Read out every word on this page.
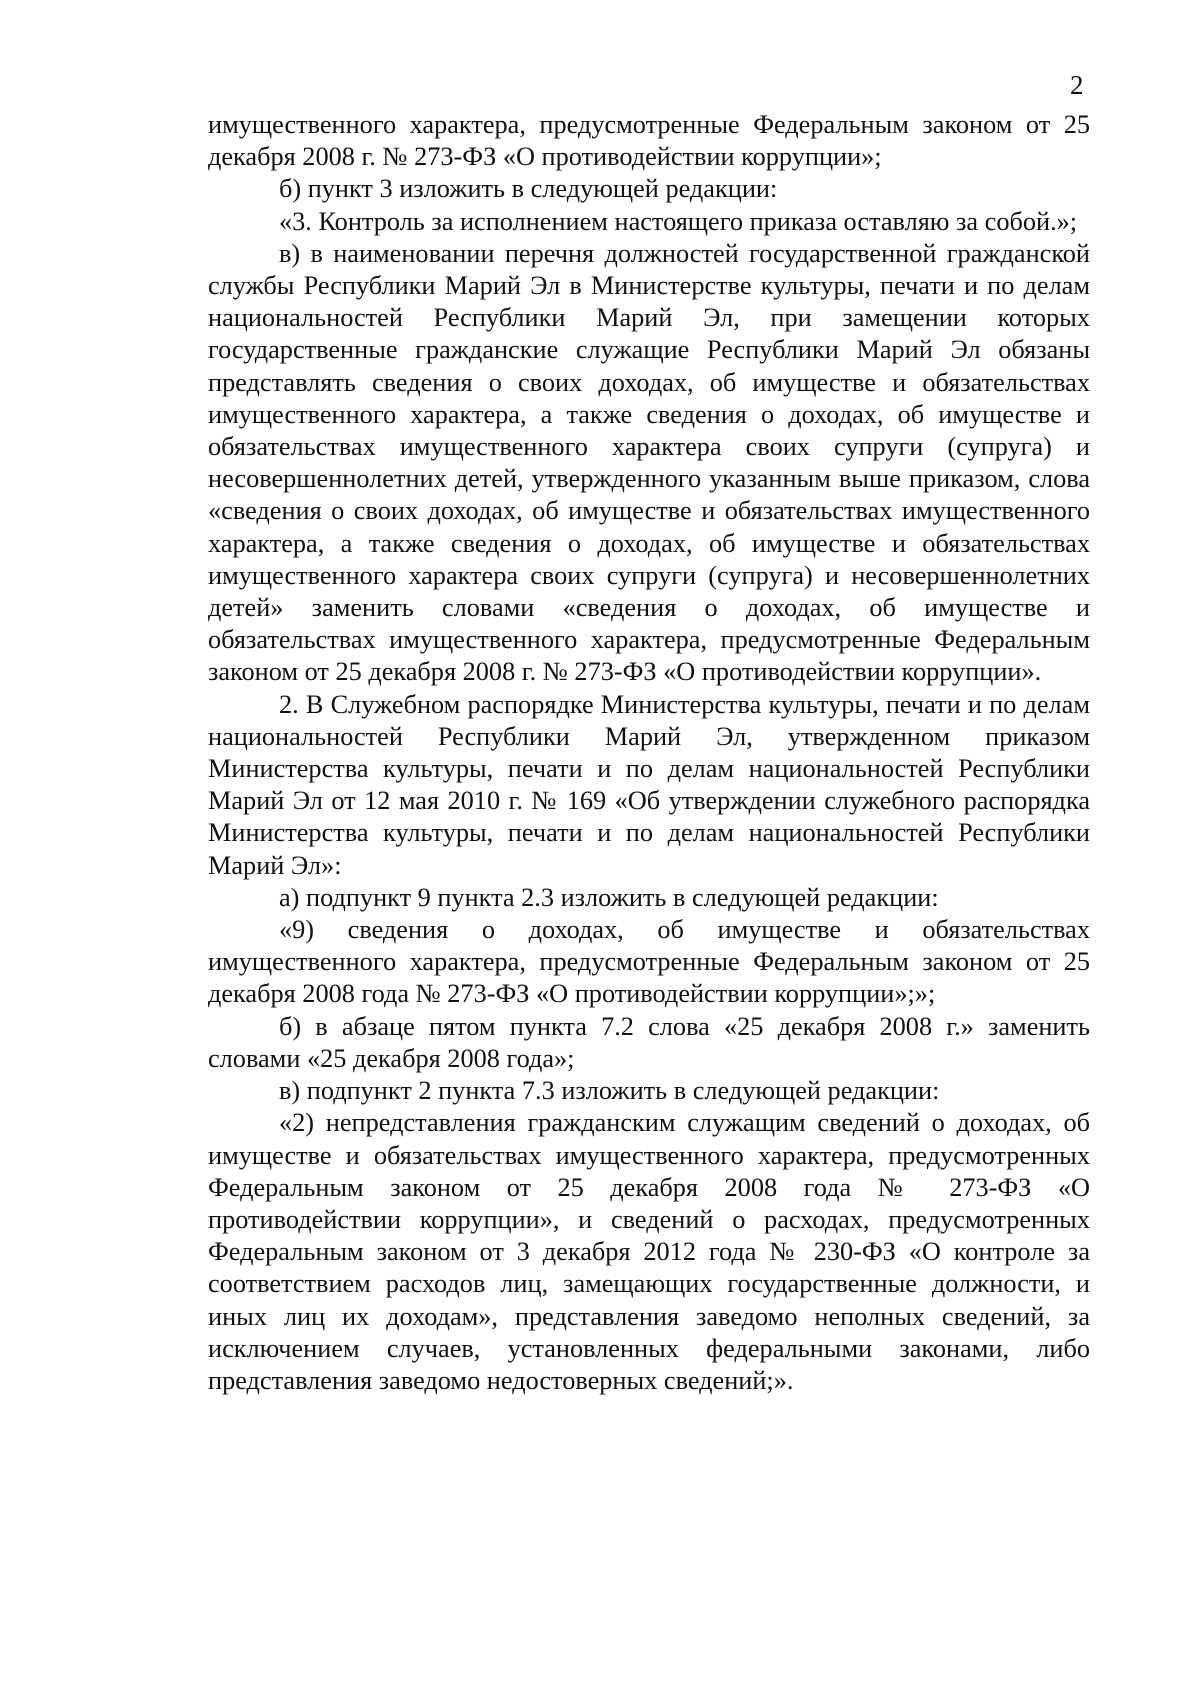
2

имущественного характера, предусмотренные Федеральным законом от 25 декабря 2008 г. № 273-ФЗ «О противодействии коррупции»;

б) пункт 3 изложить в следующей редакции:

«3. Контроль за исполнением настоящего приказа оставляю за собой.»;

в) в наименовании перечня должностей государственной гражданской службы Республики Марий Эл в Министерстве культуры, печати и по делам национальностей Республики Марий Эл, при замещении которых государственные гражданские служащие Республики Марий Эл обязаны представлять сведения о своих доходах, об имуществе и обязательствах имущественного характера, а также сведения о доходах, об имуществе и обязательствах имущественного характера своих супруги (супруга) и несовершеннолетних детей, утвержденного указанным выше приказом, слова «сведения о своих доходах, об имуществе и обязательствах имущественного характера, а также сведения о доходах, об имуществе и обязательствах имущественного характера своих супруги (супруга) и несовершеннолетних детей» заменить словами «сведения о доходах, об имуществе и обязательствах имущественного характера, предусмотренные Федеральным законом от 25 декабря 2008 г. № 273-ФЗ «О противодействии коррупции».

2. В Служебном распорядке Министерства культуры, печати и по делам национальностей Республики Марий Эл, утвержденном приказом Министерства культуры, печати и по делам национальностей Республики Марий Эл от 12 мая 2010 г. № 169 «Об утверждении служебного распорядка Министерства культуры, печати и по делам национальностей Республики Марий Эл»:

а) подпункт 9 пункта 2.3 изложить в следующей редакции:

«9) сведения о доходах, об имуществе и обязательствах имущественного характера, предусмотренные Федеральным законом от 25 декабря 2008 года № 273-ФЗ «О противодействии коррупции»;»;

б) в абзаце пятом пункта 7.2 слова «25 декабря 2008 г.» заменить словами «25 декабря 2008 года»;

в) подпункт 2 пункта 7.3 изложить в следующей редакции:

«2) непредставления гражданским служащим сведений о доходах, об имуществе и обязательствах имущественного характера, предусмотренных Федеральным законом от 25 декабря 2008 года № 273-ФЗ «О противодействии коррупции», и сведений о расходах, предусмотренных Федеральным законом от 3 декабря 2012 года № 230-ФЗ «О контроле за соответствием расходов лиц, замещающих государственные должности, и иных лиц их доходам», представления заведомо неполных сведений, за исключением случаев, установленных федеральными законами, либо представления заведомо недостоверных сведений;».
